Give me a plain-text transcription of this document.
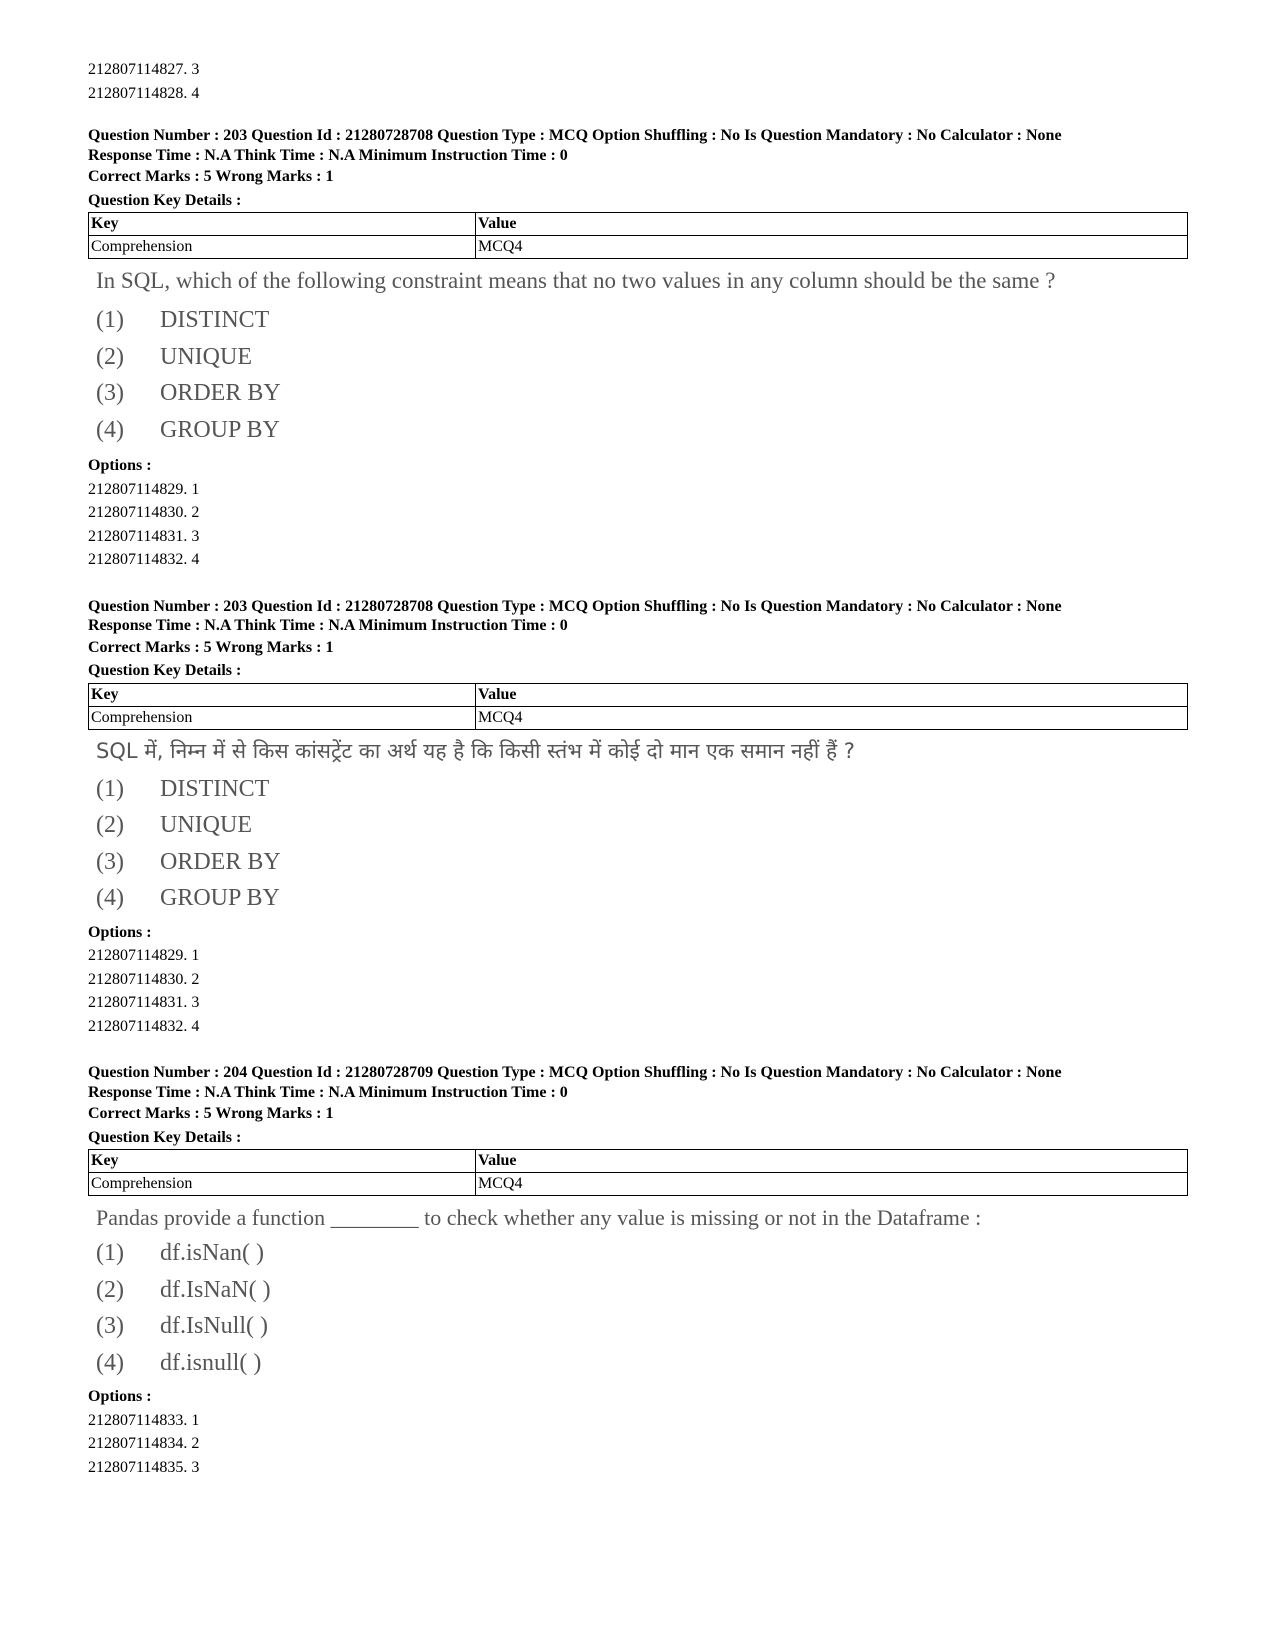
212807114827. 3
212807114828. 4
Question Number : 203 Question Id : 21280728708 Question Type : MCQ Option Shuffling : No Is Question Mandatory : No Calculator : None
Response Time : N.A Think Time : N.A Minimum Instruction Time : 0
Correct Marks : 5 Wrong Marks : 1
Question Key Details :
Key	Value
Comprehension	MCQ4
In SQL, which of the following constraint means that no two values in any column should be the same ?
(1) DISTINCT
(2) UNIQUE
(3) ORDER BY
(4) GROUP BY
Options :
212807114829. 1
212807114830. 2
212807114831. 3
212807114832. 4
Question Number : 203 Question Id : 21280728708 Question Type : MCQ Option Shuffling : No Is Question Mandatory : No Calculator : None
Response Time : N.A Think Time : N.A Minimum Instruction Time : 0
Correct Marks : 5 Wrong Marks : 1
Question Key Details :
Key	Value
Comprehension	MCQ4
SQL में, निम्न में से किस कांसट्रेंट का अर्थ यह है कि किसी स्तंभ में कोई दो मान एक समान नहीं हैं ?
(1) DISTINCT
(2) UNIQUE
(3) ORDER BY
(4) GROUP BY
Options :
212807114829. 1
212807114830. 2
212807114831. 3
212807114832. 4
Question Number : 204 Question Id : 21280728709 Question Type : MCQ Option Shuffling : No Is Question Mandatory : No Calculator : None
Response Time : N.A Think Time : N.A Minimum Instruction Time : 0
Correct Marks : 5 Wrong Marks : 1
Question Key Details :
Key	Value
Comprehension	MCQ4
Pandas provide a function ________ to check whether any value is missing or not in the Dataframe :
(1) df.isNan( )
(2) df.IsNaN( )
(3) df.IsNull( )
(4) df.isnull( )
Options :
212807114833. 1
212807114834. 2
212807114835. 3
